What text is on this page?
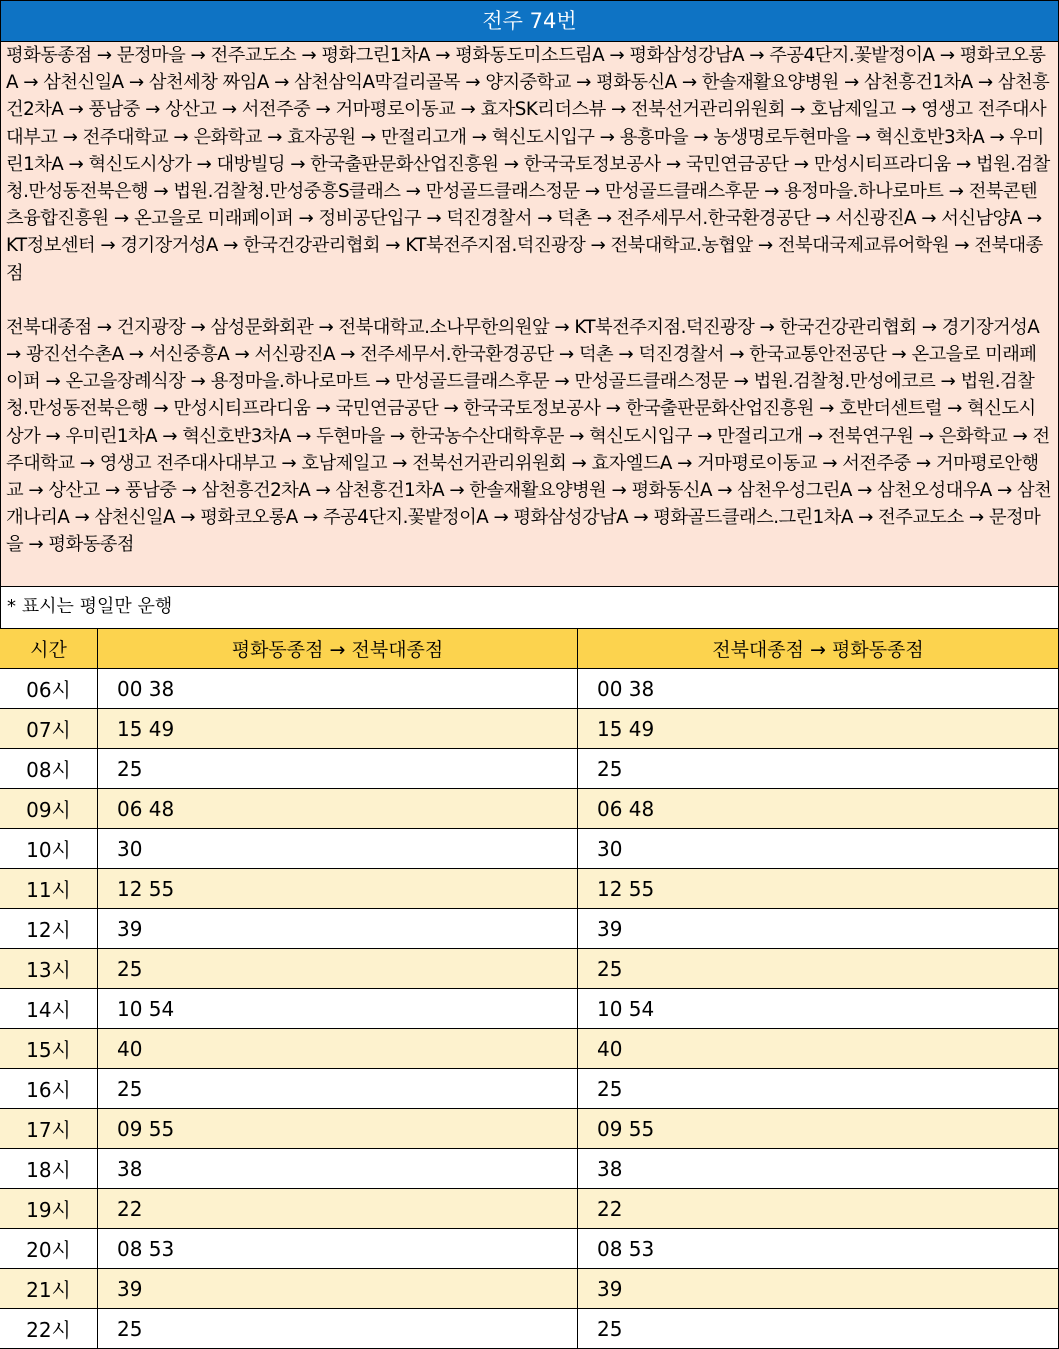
전주 74번

평화동종점 → 문정마을 → 전주교도소 → 평화그린1차A → 평화동도미소드림A → 평화삼성강남A → 주공4단지.꽃밭정이A → 평화코오롱A → 삼천신일A → 삼천세창 짜임A → 삼천삼익A막걸리골목 → 양지중학교 → 평화동신A → 한솔재활요양병원 → 삼천흥건1차A → 삼천흥건2차A → 풍남중 → 상산고 → 서전주중 → 거마평로이동교 → 효자SK리더스뷰 → 전북선거관리위원회 → 호남제일고 → 영생고 전주대사대부고 → 전주대학교 → 은화학교 → 효자공원 → 만절리고개 → 혁신도시입구 → 용흥마을 → 농생명로두현마을 → 혁신호반3차A → 우미린1차A → 혁신도시상가 → 대방빌딩 → 한국출판문화산업진흥원 → 한국국토정보공사 → 국민연금공단 → 만성시티프라디움 → 법원.검찰청.만성동전북은행 → 법원.검찰청.만성중흥S클래스 → 만성골드클래스정문 → 만성골드클래스후문 → 용정마을.하나로마트 → 전북콘텐츠융합진흥원 → 온고을로 미래페이퍼 → 정비공단입구 → 덕진경찰서 → 덕촌 → 전주세무서.한국환경공단 → 서신광진A → 서신남양A → KT정보센터 → 경기장거성A → 한국건강관리협회 → KT북전주지점.덕진광장 → 전북대학교.농협앞 → 전북대국제교류어학원 → 전북대종점

전북대종점 → 건지광장 → 삼성문화회관 → 전북대학교.소나무한의원앞 → KT북전주지점.덕진광장 → 한국건강관리협회 → 경기장거성A → 광진선수촌A → 서신중흥A → 서신광진A → 전주세무서.한국환경공단 → 덕촌 → 덕진경찰서 → 한국교통안전공단 → 온고을로 미래페이퍼 → 온고을장례식장 → 용정마을.하나로마트 → 만성골드클래스후문 → 만성골드클래스정문 → 법원.검찰청.만성에코르 → 법원.검찰청.만성동전북은행 → 만성시티프라디움 → 국민연금공단 → 한국국토정보공사 → 한국출판문화산업진흥원 → 호반더센트럴 → 혁신도시상가 → 우미린1차A → 혁신호반3차A → 두현마을 → 한국농수산대학후문 → 혁신도시입구 → 만절리고개 → 전북연구원 → 은화학교 → 전주대학교 → 영생고 전주대사대부고 → 호남제일고 → 전북선거관리위원회 → 효자엘드A → 거마평로이동교 → 서전주중 → 거마평로안행교 → 상산고 → 풍남중 → 삼천흥건2차A → 삼천흥건1차A → 한솔재활요양병원 → 평화동신A → 삼천우성그린A → 삼천오성대우A → 삼천개나리A → 삼천신일A → 평화코오롱A → 주공4단지.꽃밭정이A → 평화삼성강남A → 평화골드클래스.그린1차A → 전주교도소 → 문정마을 → 평화동종점

* 표시는 평일만 운행
시간	평화동종점 → 전북대종점	전북대종점 → 평화동종점
06시	00 38	00 38
07시	15 49	15 49
08시	25	25
09시	06 48	06 48
10시	30	30
11시	12 55	12 55
12시	39	39
13시	25	25
14시	10 54	10 54
15시	40	40
16시	25	25
17시	09 55	09 55
18시	38	38
19시	22	22
20시	08 53	08 53
21시	39	39
22시	25	25
